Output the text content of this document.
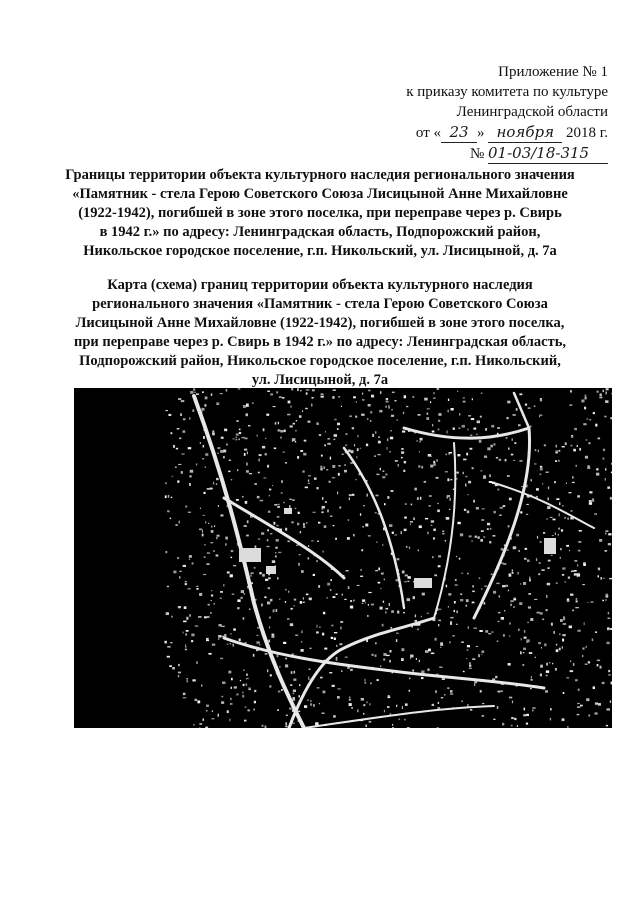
Приложение № 1
к приказу комитета по культуре
Ленинградской области
от « 23 » ноября 2018 г.
№ 01-03/18-315
Границы территории объекта культурного наследия регионального значения
«Памятник - стела Герою Советского Союза Лисицыной Анне Михайловне
(1922-1942), погибшей в зоне этого поселка, при переправе через р. Свирь
в 1942 г.» по адресу: Ленинградская область, Подпорожский район,
Никольское городское поселение, г.п. Никольский, ул. Лисицыной, д. 7а
Карта (схема) границ территории объекта культурного наследия
регионального значения «Памятник - стела Герою Советского Союза
Лисицыной Анне Михайловне (1922-1942), погибшей в зоне этого поселка,
при переправе через р. Свирь в 1942 г.» по адресу: Ленинградская область,
Подпорожский район, Никольское городское поселение, г.п. Никольский,
ул. Лисицыной, д. 7а
